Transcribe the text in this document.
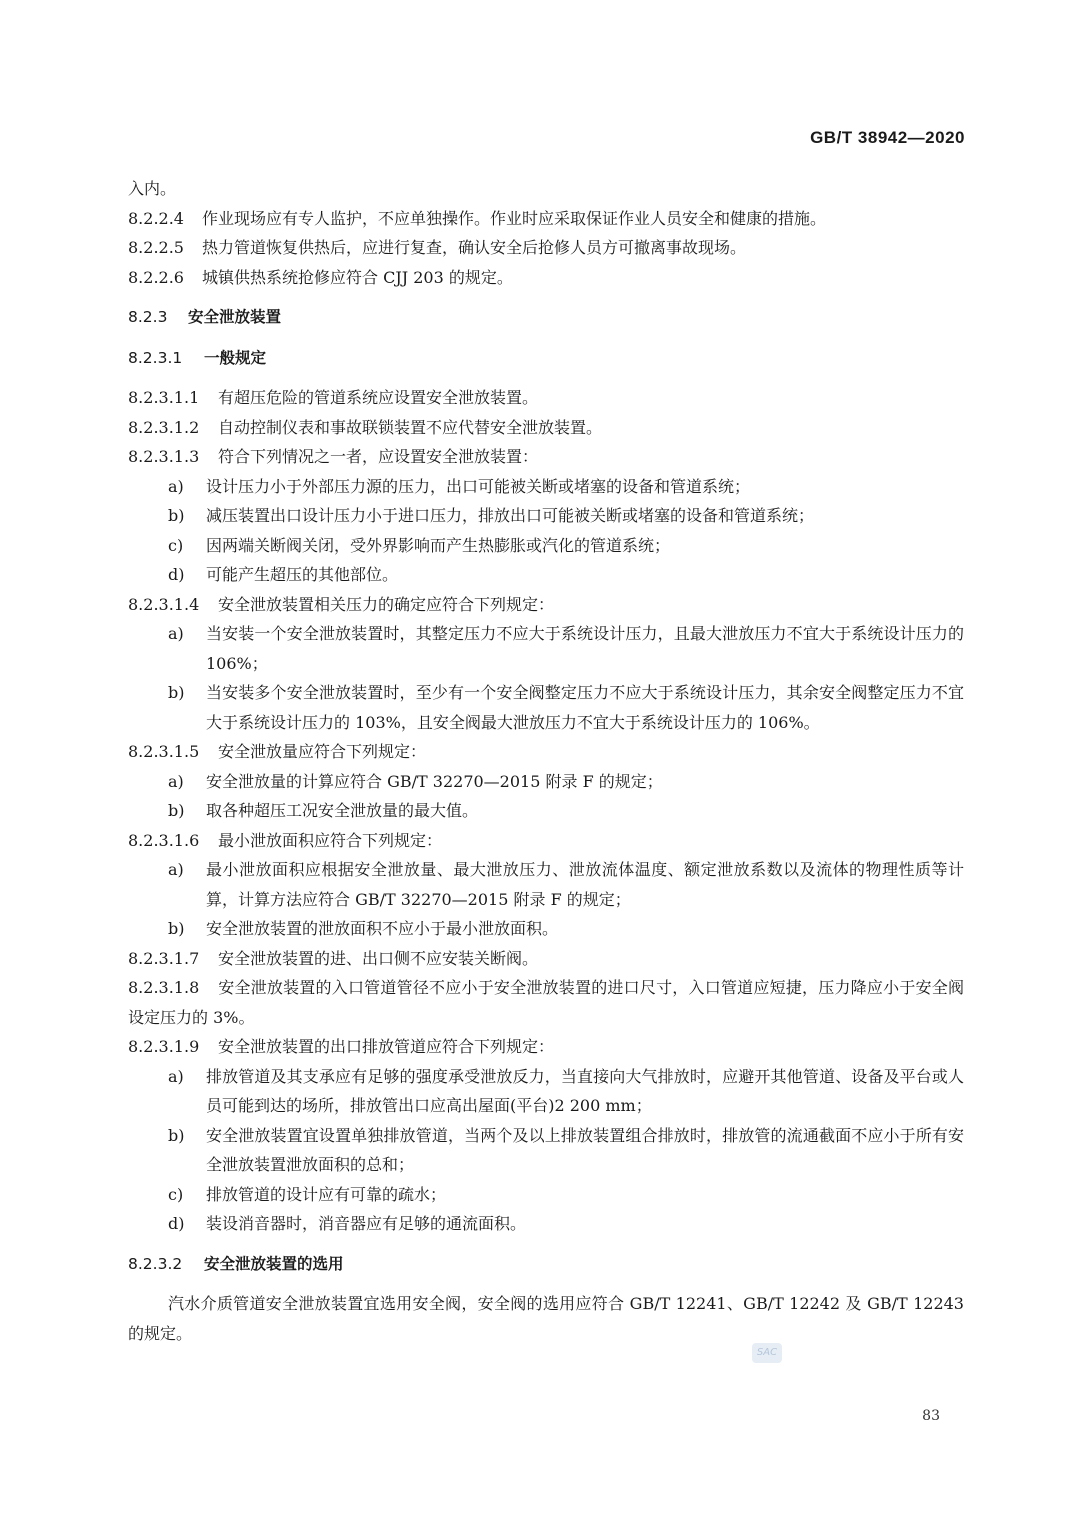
GB/T 38942—2020
入内。
8.2.2.4 作业现场应有专人监护，不应单独操作。作业时应采取保证作业人员安全和健康的措施。
8.2.2.5 热力管道恢复供热后，应进行复查，确认安全后抢修人员方可撤离事故现场。
8.2.2.6 城镇供热系统抢修应符合 CJJ 203 的规定。
8.2.3 安全泄放装置
8.2.3.1 一般规定
8.2.3.1.1 有超压危险的管道系统应设置安全泄放装置。
8.2.3.1.2 自动控制仪表和事故联锁装置不应代替安全泄放装置。
8.2.3.1.3 符合下列情况之一者，应设置安全泄放装置：
a)	设计压力小于外部压力源的压力，出口可能被关断或堵塞的设备和管道系统；
b)	减压装置出口设计压力小于进口压力，排放出口可能被关断或堵塞的设备和管道系统；
c)	因两端关断阀关闭，受外界影响而产生热膨胀或汽化的管道系统；
d)	可能产生超压的其他部位。
8.2.3.1.4 安全泄放装置相关压力的确定应符合下列规定：
a)	当安装一个安全泄放装置时，其整定压力不应大于系统设计压力，且最大泄放压力不宜大于系统设计压力的 106%；
b)	当安装多个安全泄放装置时，至少有一个安全阀整定压力不应大于系统设计压力，其余安全阀整定压力不宜大于系统设计压力的 103%，且安全阀最大泄放压力不宜大于系统设计压力的 106%。
8.2.3.1.5 安全泄放量应符合下列规定：
a)	安全泄放量的计算应符合 GB/T 32270—2015 附录 F 的规定；
b)	取各种超压工况安全泄放量的最大值。
8.2.3.1.6 最小泄放面积应符合下列规定：
a)	最小泄放面积应根据安全泄放量、最大泄放压力、泄放流体温度、额定泄放系数以及流体的物理性质等计算，计算方法应符合 GB/T 32270—2015 附录 F 的规定；
b)	安全泄放装置的泄放面积不应小于最小泄放面积。
8.2.3.1.7 安全泄放装置的进、出口侧不应安装关断阀。
8.2.3.1.8 安全泄放装置的入口管道管径不应小于安全泄放装置的进口尺寸，入口管道应短捷，压力降应小于安全阀设定压力的 3%。
8.2.3.1.9 安全泄放装置的出口排放管道应符合下列规定：
a)	排放管道及其支承应有足够的强度承受泄放反力，当直接向大气排放时，应避开其他管道、设备及平台或人员可能到达的场所，排放管出口应高出屋面(平台)2 200 mm；
b)	安全泄放装置宜设置单独排放管道，当两个及以上排放装置组合排放时，排放管的流通截面不应小于所有安全泄放装置泄放面积的总和；
c)	排放管道的设计应有可靠的疏水；
d)	装设消音器时，消音器应有足够的通流面积。
8.2.3.2 安全泄放装置的选用
汽水介质管道安全泄放装置宜选用安全阀，安全阀的选用应符合 GB/T 12241、GB/T 12242 及 GB/T 12243 的规定。
SAC
83
